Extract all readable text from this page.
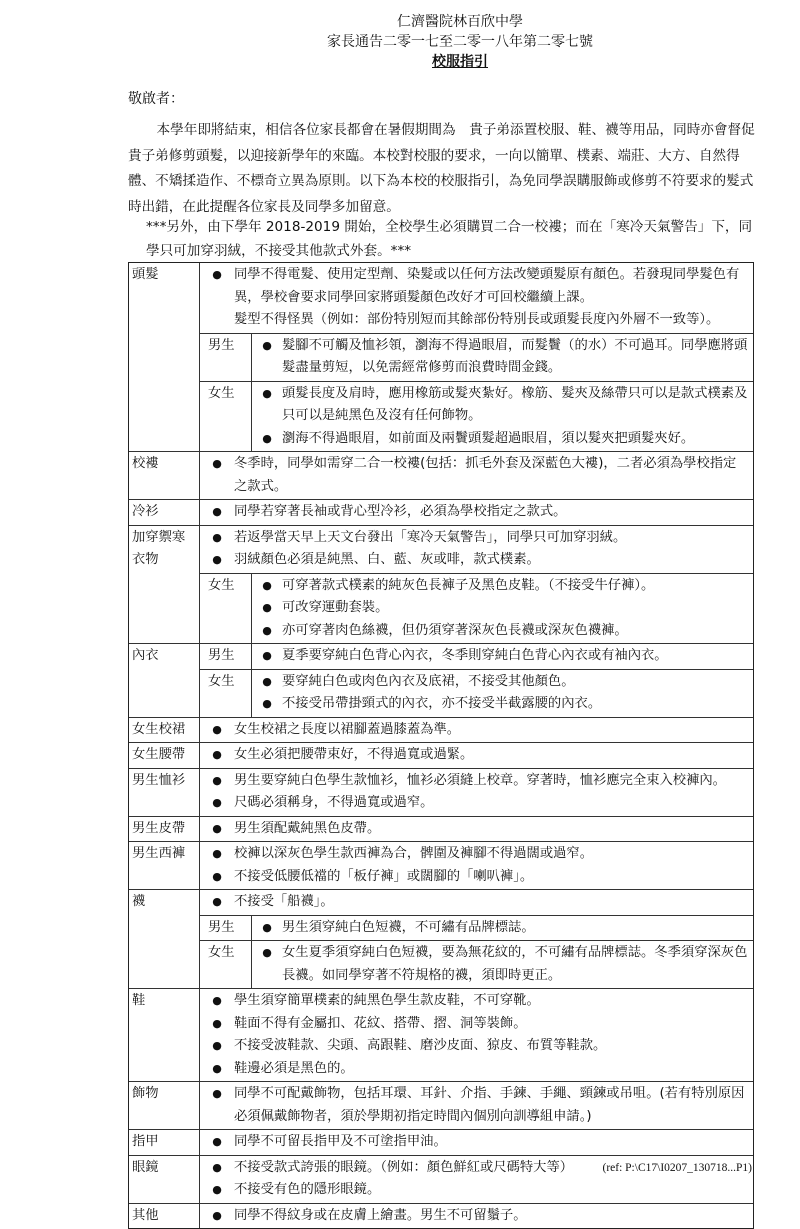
仁濟醫院林百欣中學
家長通告二零一七至二零一八年第二零七號
校服指引
敬啟者：
本學年即將結束，相信各位家長都會在暑假期間為　貴子弟添置校服、鞋、襪等用品，同時亦會督促　貴子弟修剪頭髮，以迎接新學年的來臨。本校對校服的要求，一向以簡單、樸素、端莊、大方、自然得體、不矯揉造作、不標奇立異為原則。以下為本校的校服指引，為免同學誤購服飾或修剪不符要求的髮式時出錯，在此提醒各位家長及同學多加留意。
***另外，由下學年 2018-2019 開始，全校學生必須購買二合一校褸；而在「寒冷天氣警告」下，同學只可加穿羽絨，不接受其他款式外套。***
頭髮	● 同學不得電髮、使用定型劑、染髮或以任何方法改變頭髮原有顏色。若發現同學髮色有異，學校會要求同學回家將頭髮顏色改好才可回校繼續上課。
髮型不得怪異（例如：部份特別短而其餘部份特別長或頭髮長度內外層不一致等）。
男生	● 髮腳不可觸及恤衫領，瀏海不得過眼眉，而髮鬢（的水）不可過耳。同學應將頭髮盡量剪短，以免需經常修剪而浪費時間金錢。
女生	● 頭髮長度及肩時，應用橡筋或髮夾紮好。橡筋、髮夾及絲帶只可以是款式樸素及只可以是純黑色及沒有任何飾物。
● 瀏海不得過眼眉，如前面及兩鬢頭髮超過眼眉，須以髮夾把頭髮夾好。
校褸	● 冬季時，同學如需穿二合一校褸(包括：抓毛外套及深藍色大褸)，二者必須為學校指定之款式。
冷衫	● 同學若穿著長袖或背心型冷衫，必須為學校指定之款式。
加穿禦寒衣物
● 若返學當天早上天文台發出「寒冷天氣警告」，同學只可加穿羽絨。
● 羽絨顏色必須是純黑、白、藍、灰或啡，款式樸素。
女生	● 可穿著款式樸素的純灰色長褲子及黑色皮鞋。（不接受牛仔褲）。
● 可改穿運動套裝。
● 亦可穿著肉色絲襪，但仍須穿著深灰色長襪或深灰色襪褲。
內衣	男生	● 夏季要穿純白色背心內衣，冬季則穿純白色背心內衣或有袖內衣。
女生	● 要穿純白色或肉色內衣及底裙，不接受其他顏色。
● 不接受吊帶掛頸式的內衣，亦不接受半截露腰的內衣。
女生校裙	● 女生校裙之長度以裙腳蓋過膝蓋為準。
女生腰帶	● 女生必須把腰帶束好，不得過寬或過緊。
男生恤衫	● 男生要穿純白色學生款恤衫，恤衫必須縫上校章。穿著時，恤衫應完全束入校褲內。
● 尺碼必須稱身，不得過寬或過窄。
男生皮帶	● 男生須配戴純黑色皮帶。
男生西褲	● 校褲以深灰色學生款西褲為合，髀圍及褲腳不得過闊或過窄。
● 不接受低腰低襠的「板仔褲」或闊腳的「喇叭褲」。
襪	● 不接受「船襪」。
男生	● 男生須穿純白色短襪，不可繡有品牌標誌。
女生	● 女生夏季須穿純白色短襪，要為無花紋的，不可繡有品牌標誌。冬季須穿深灰色長襪。如同學穿著不符規格的襪，須即時更正。
鞋	● 學生須穿簡單樸素的純黑色學生款皮鞋，不可穿靴。
● 鞋面不得有金屬扣、花紋、搭帶、摺、洞等裝飾。
● 不接受波鞋款、尖頭、高跟鞋、磨沙皮面、猄皮、布質等鞋款。
● 鞋邊必須是黑色的。
飾物	● 同學不可配戴飾物，包括耳環、耳針、介指、手鍊、手繩、頸鍊或吊咀。(若有特別原因必須佩戴飾物者，須於學期初指定時間內個別向訓導組申請。)
指甲	● 同學不可留長指甲及不可塗指甲油。
眼鏡	● 不接受款式誇張的眼鏡。（例如：顏色鮮紅或尺碼特大等）
● 不接受有色的隱形眼鏡。
其他	● 同學不得紋身或在皮膚上繪畫。男生不可留鬚子。
(ref: P:\C17\I0207_130718...P1)
